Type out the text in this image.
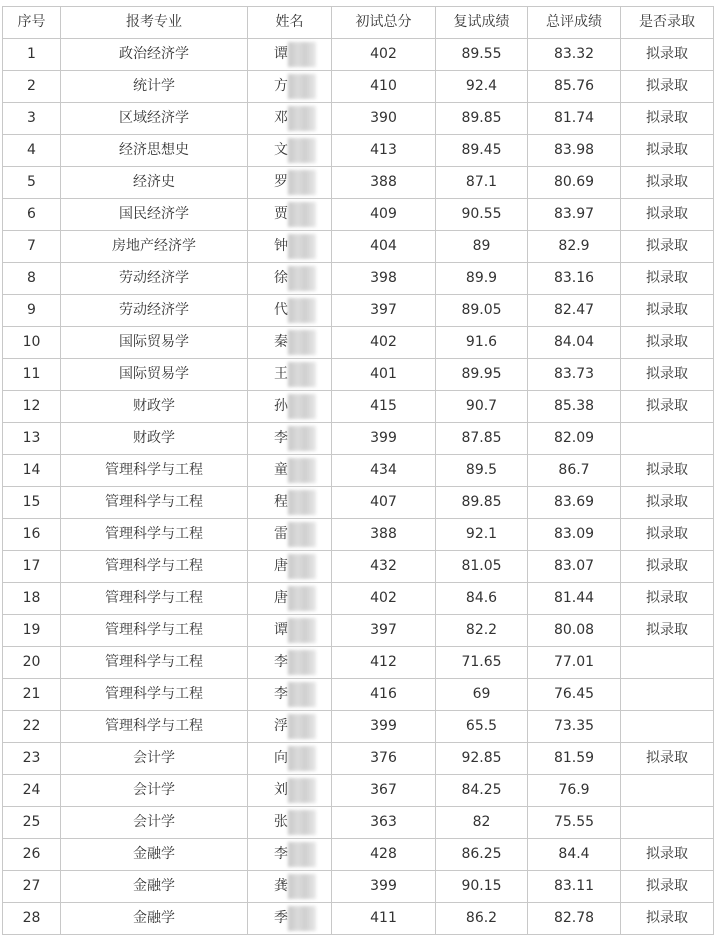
序号	报考专业	姓名	初试总分	复试成绩	总评成绩	是否录取
1	政治经济学	谭	402	89.55	83.32	拟录取
2	统计学	方	410	92.4	85.76	拟录取
3	区域经济学	邓	390	89.85	81.74	拟录取
4	经济思想史	文	413	89.45	83.98	拟录取
5	经济史	罗	388	87.1	80.69	拟录取
6	国民经济学	贾	409	90.55	83.97	拟录取
7	房地产经济学	钟	404	89	82.9	拟录取
8	劳动经济学	徐	398	89.9	83.16	拟录取
9	劳动经济学	代	397	89.05	82.47	拟录取
10	国际贸易学	秦	402	91.6	84.04	拟录取
11	国际贸易学	王	401	89.95	83.73	拟录取
12	财政学	孙	415	90.7	85.38	拟录取
13	财政学	李	399	87.85	82.09	
14	管理科学与工程	童	434	89.5	86.7	拟录取
15	管理科学与工程	程	407	89.85	83.69	拟录取
16	管理科学与工程	雷	388	92.1	83.09	拟录取
17	管理科学与工程	唐	432	81.05	83.07	拟录取
18	管理科学与工程	唐	402	84.6	81.44	拟录取
19	管理科学与工程	谭	397	82.2	80.08	拟录取
20	管理科学与工程	李	412	71.65	77.01	
21	管理科学与工程	李	416	69	76.45	
22	管理科学与工程	浮	399	65.5	73.35	
23	会计学	向	376	92.85	81.59	拟录取
24	会计学	刘	367	84.25	76.9	
25	会计学	张	363	82	75.55	
26	金融学	李	428	86.25	84.4	拟录取
27	金融学	龚	399	90.15	83.11	拟录取
28	金融学	季	411	86.2	82.78	拟录取
